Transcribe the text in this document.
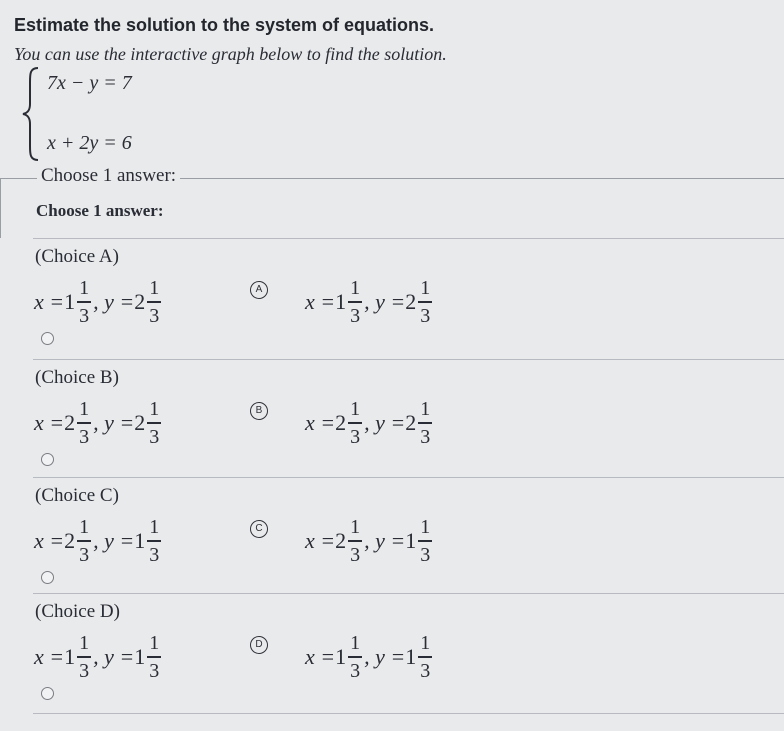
Estimate the solution to the system of equations.
You can use the interactive graph below to find the solution.
7x − y = 7
x + 2y = 6
Choose 1 answer:
Choose 1 answer:
(Choice A)
$x = 1 \frac{1}{3}$ , $y = 2 \frac{1}{3}$	A $x = 1 \frac{1}{3}$ , $y = 2 \frac{1}{3}$
(Choice B)
$x = 2 \frac{1}{3}$ , $y = 2 \frac{1}{3}$	B $x = 2 \frac{1}{3}$ , $y = 2 \frac{1}{3}$
(Choice C)
$x = 2 \frac{1}{3}$ , $y = 1 \frac{1}{3}$	C $x = 2 \frac{1}{3}$ , $y = 1 \frac{1}{3}$
(Choice D)
$x = 1 \frac{1}{3}$ , $y = 1 \frac{1}{3}$	D $x = 1 \frac{1}{3}$ , $y = 1 \frac{1}{3}$
